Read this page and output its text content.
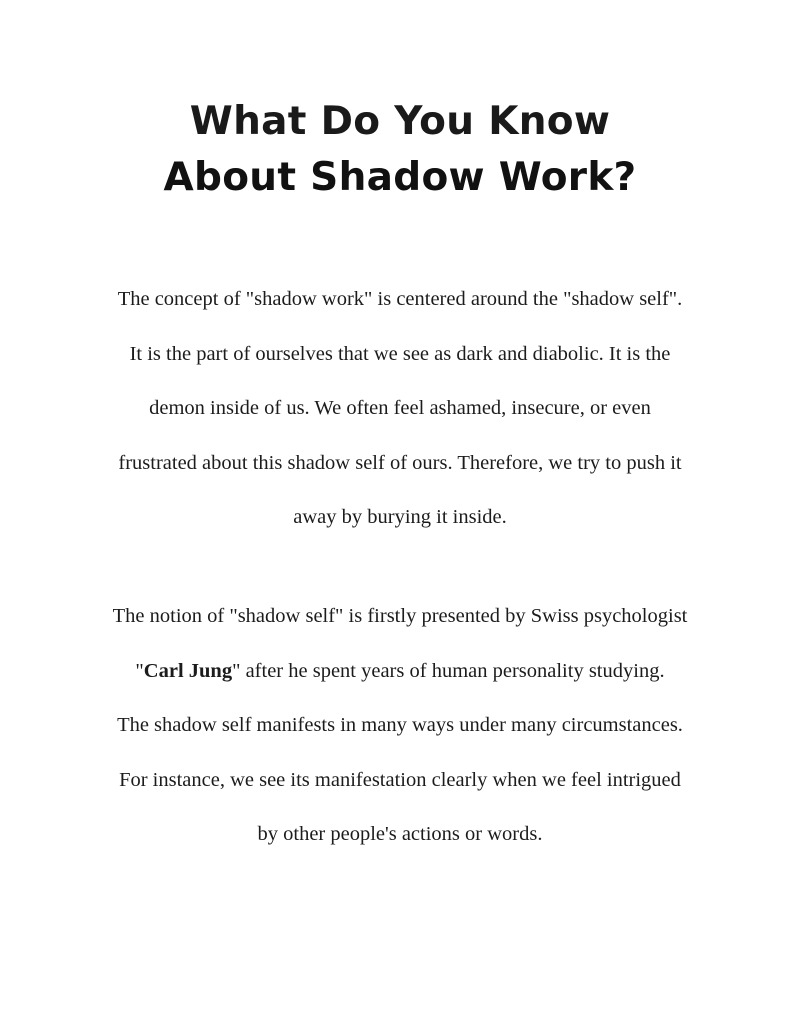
What Do You Know
About Shadow Work?

The concept of "shadow work" is centered around the "shadow self".
It is the part of ourselves that we see as dark and diabolic. It is the
demon inside of us. We often feel ashamed, insecure, or even
frustrated about this shadow self of ours. Therefore, we try to push it
away by burying it inside.

The notion of "shadow self" is firstly presented by Swiss psychologist
"Carl Jung" after he spent years of human personality studying.
The shadow self manifests in many ways under many circumstances.
For instance, we see its manifestation clearly when we feel intrigued
by other people's actions or words.
